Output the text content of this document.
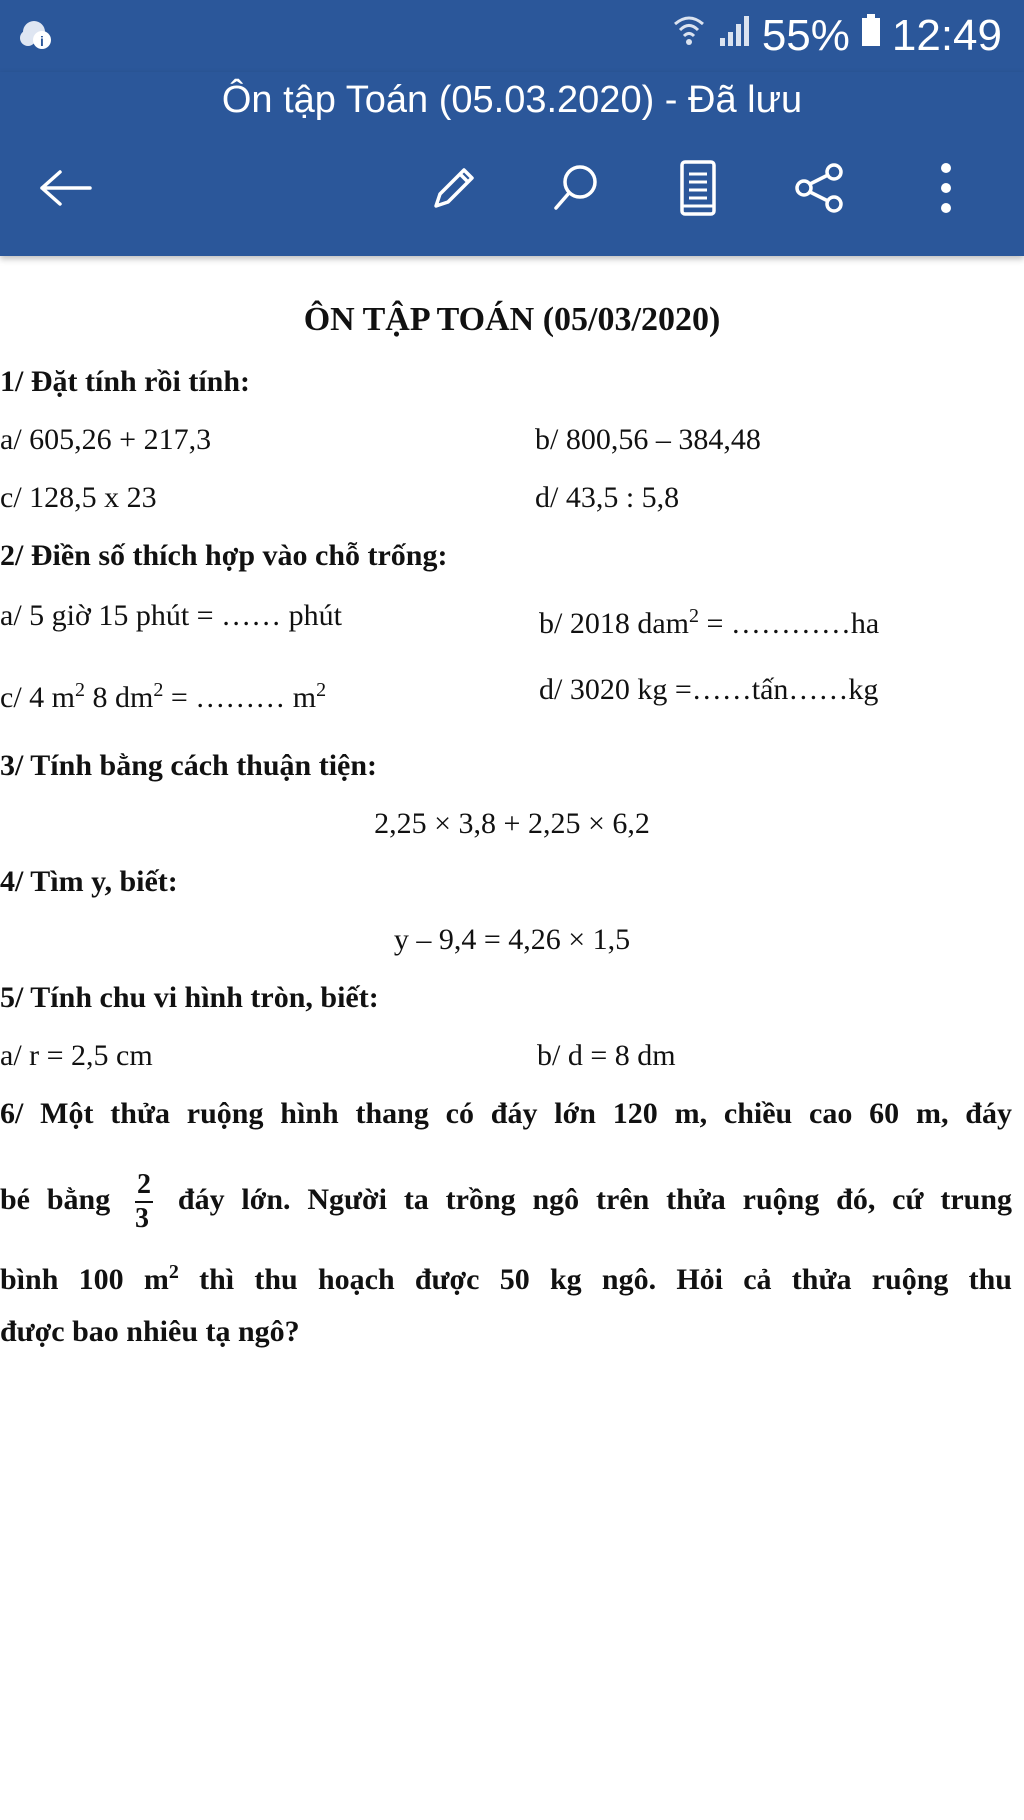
i	55% 12:49
Ôn tập Toán (05.03.2020) - Đã lưu
ÔN TẬP TOÁN (05/03/2020)
1/ Đặt tính rồi tính:
a/ 605,26 + 217,3	b/ 800,56 – 384,48
c/ 128,5 x 23	d/ 43,5 : 5,8
2/ Điền số thích hợp vào chỗ trống:
a/ 5 giờ 15 phút = …… phút	b/ 2018 dam$^2$ = …………ha
c/ 4 $m^2$ 8 $dm^2$ = ……… $m^2$	d/ 3020 kg =……tấn……kg
3/ Tính bằng cách thuận tiện:
2,25 × 3,8 + 2,25 × 6,2
4/ Tìm y, biết:
y – 9,4 = 4,26 × 1,5
5/ Tính chu vi hình tròn, biết:
a/ r = 2,5 cm	b/ d = 8 dm
6/ Một thửa ruộng hình thang có đáy lớn 120 m, chiều cao 60 m, đáy
bé bằng $\frac{2}{3}$ đáy lớn. Người ta trồng ngô trên thửa ruộng đó, cứ trung
bình 100 $m^2$ thì thu hoạch được 50 kg ngô. Hỏi cả thửa ruộng thu
được bao nhiêu tạ ngô?
